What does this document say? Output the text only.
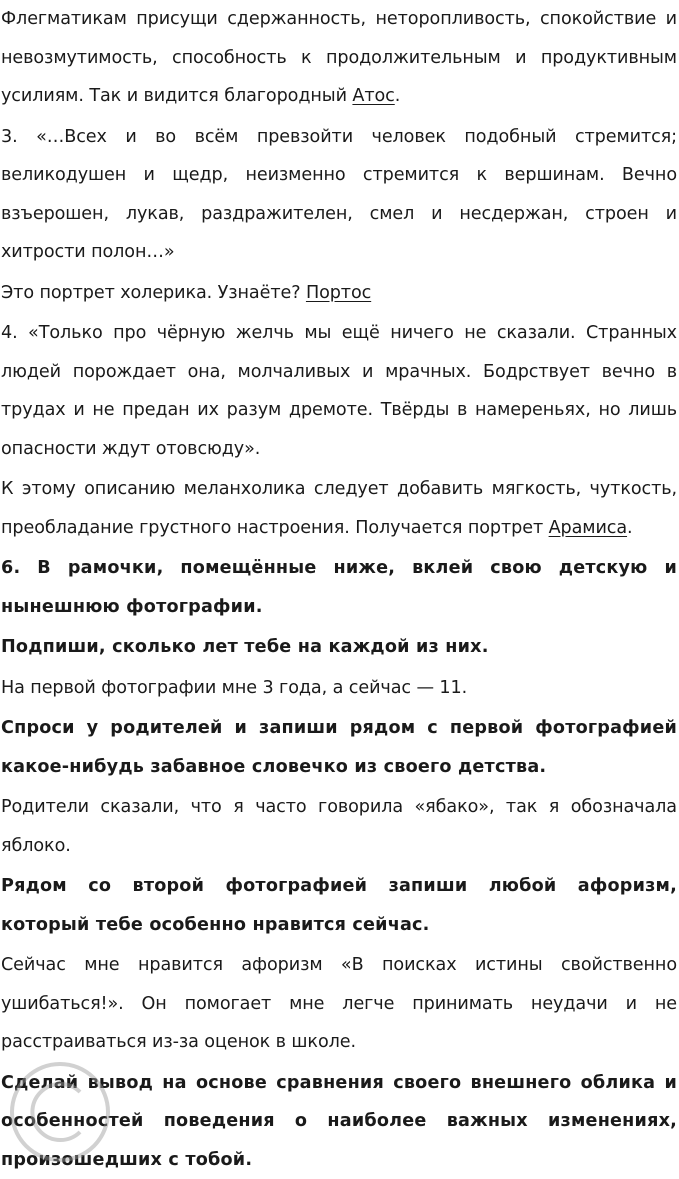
Флегматикам присущи сдержанность, неторопливость, спокойствие и невозмутимость, способность к продолжительным и продуктивным усилиям. Так и видится благородный Атос.

3. «…Всех и во всём превзойти человек подобный стремится; великодушен и щедр, неизменно стремится к вершинам. Вечно взъерошен, лукав, раздражителен, смел и несдержан, строен и хитрости полон…»

Это портрет холерика. Узнаёте? Портос

4. «Только про чёрную желчь мы ещё ничего не сказали. Странных людей порождает она, молчаливых и мрачных. Бодрствует вечно в трудах и не предан их разум дремоте. Твёрды в намереньях, но лишь опасности ждут отовсюду».

К этому описанию меланхолика следует добавить мягкость, чуткость, преобладание грустного настроения. Получается портрет Арамиса.

6. В рамочки, помещённые ниже, вклей свою детскую и нынешнюю фотографии.

Подпиши, сколько лет тебе на каждой из них.

На первой фотографии мне 3 года, а сейчас — 11.

Спроси у родителей и запиши рядом с первой фотографией какое-нибудь забавное словечко из своего детства.

Родители сказали, что я часто говорила «ябако», так я обозначала яблоко.

Рядом со второй фотографией запиши любой афоризм, который тебе особенно нравится сейчас.

Сейчас мне нравится афоризм «В поисках истины свойственно ушибаться!». Он помогает мне легче принимать неудачи и не расстраиваться из-за оценок в школе.

Сделай вывод на основе сравнения своего внешнего облика и особенностей поведения о наиболее важных изменениях, произошедших с тобой.
